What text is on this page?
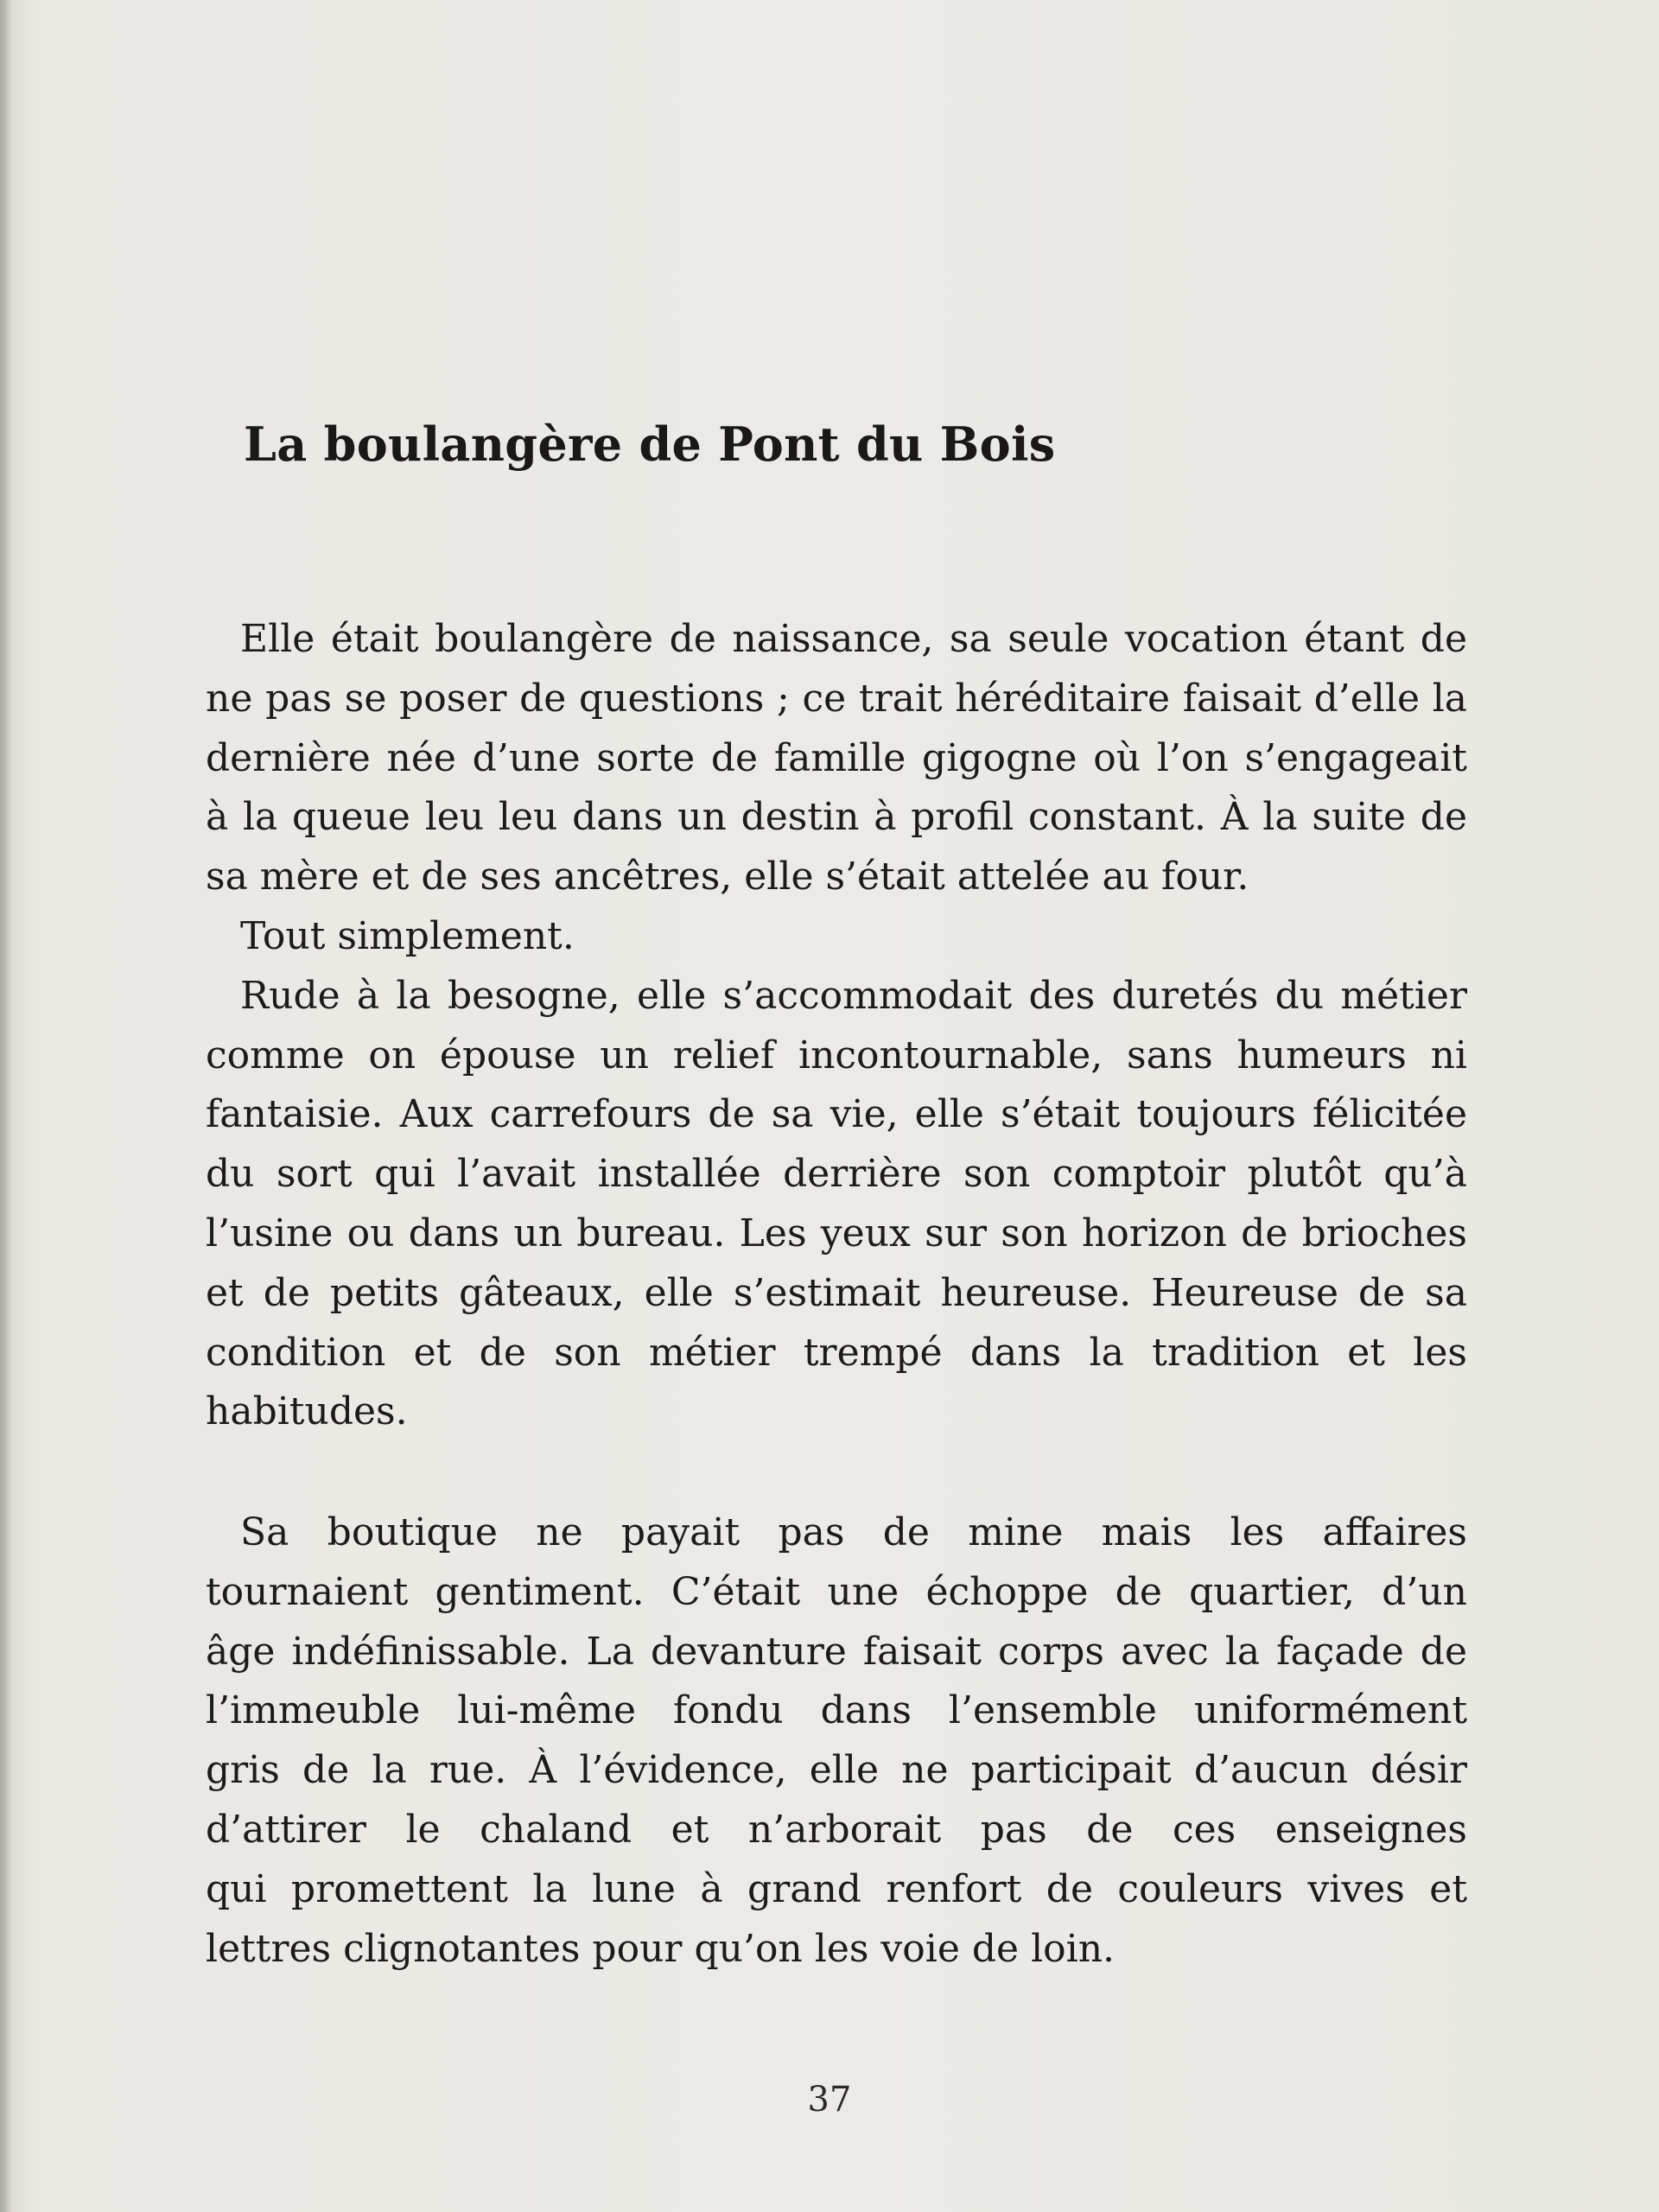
La boulangère de Pont du Bois
Elle était boulangère de naissance, sa seule vocation étant de
ne pas se poser de questions ; ce trait héréditaire faisait d’elle la
dernière née d’une sorte de famille gigogne où l’on s’engageait
à la queue leu leu dans un destin à profil constant. À la suite de
sa mère et de ses ancêtres, elle s’était attelée au four.
Tout simplement.
Rude à la besogne, elle s’accommodait des duretés du métier
comme on épouse un relief incontournable, sans humeurs ni
fantaisie. Aux carrefours de sa vie, elle s’était toujours félicitée
du sort qui l’avait installée derrière son comptoir plutôt qu’à
l’usine ou dans un bureau. Les yeux sur son horizon de brioches
et de petits gâteaux, elle s’estimait heureuse. Heureuse de sa
condition et de son métier trempé dans la tradition et les
habitudes.
Sa boutique ne payait pas de mine mais les affaires
tournaient gentiment. C’était une échoppe de quartier, d’un
âge indéfinissable. La devanture faisait corps avec la façade de
l’immeuble lui-même fondu dans l’ensemble uniformément
gris de la rue. À l’évidence, elle ne participait d’aucun désir
d’attirer le chaland et n’arborait pas de ces enseignes
qui promettent la lune à grand renfort de couleurs vives et
lettres clignotantes pour qu’on les voie de loin.
37
